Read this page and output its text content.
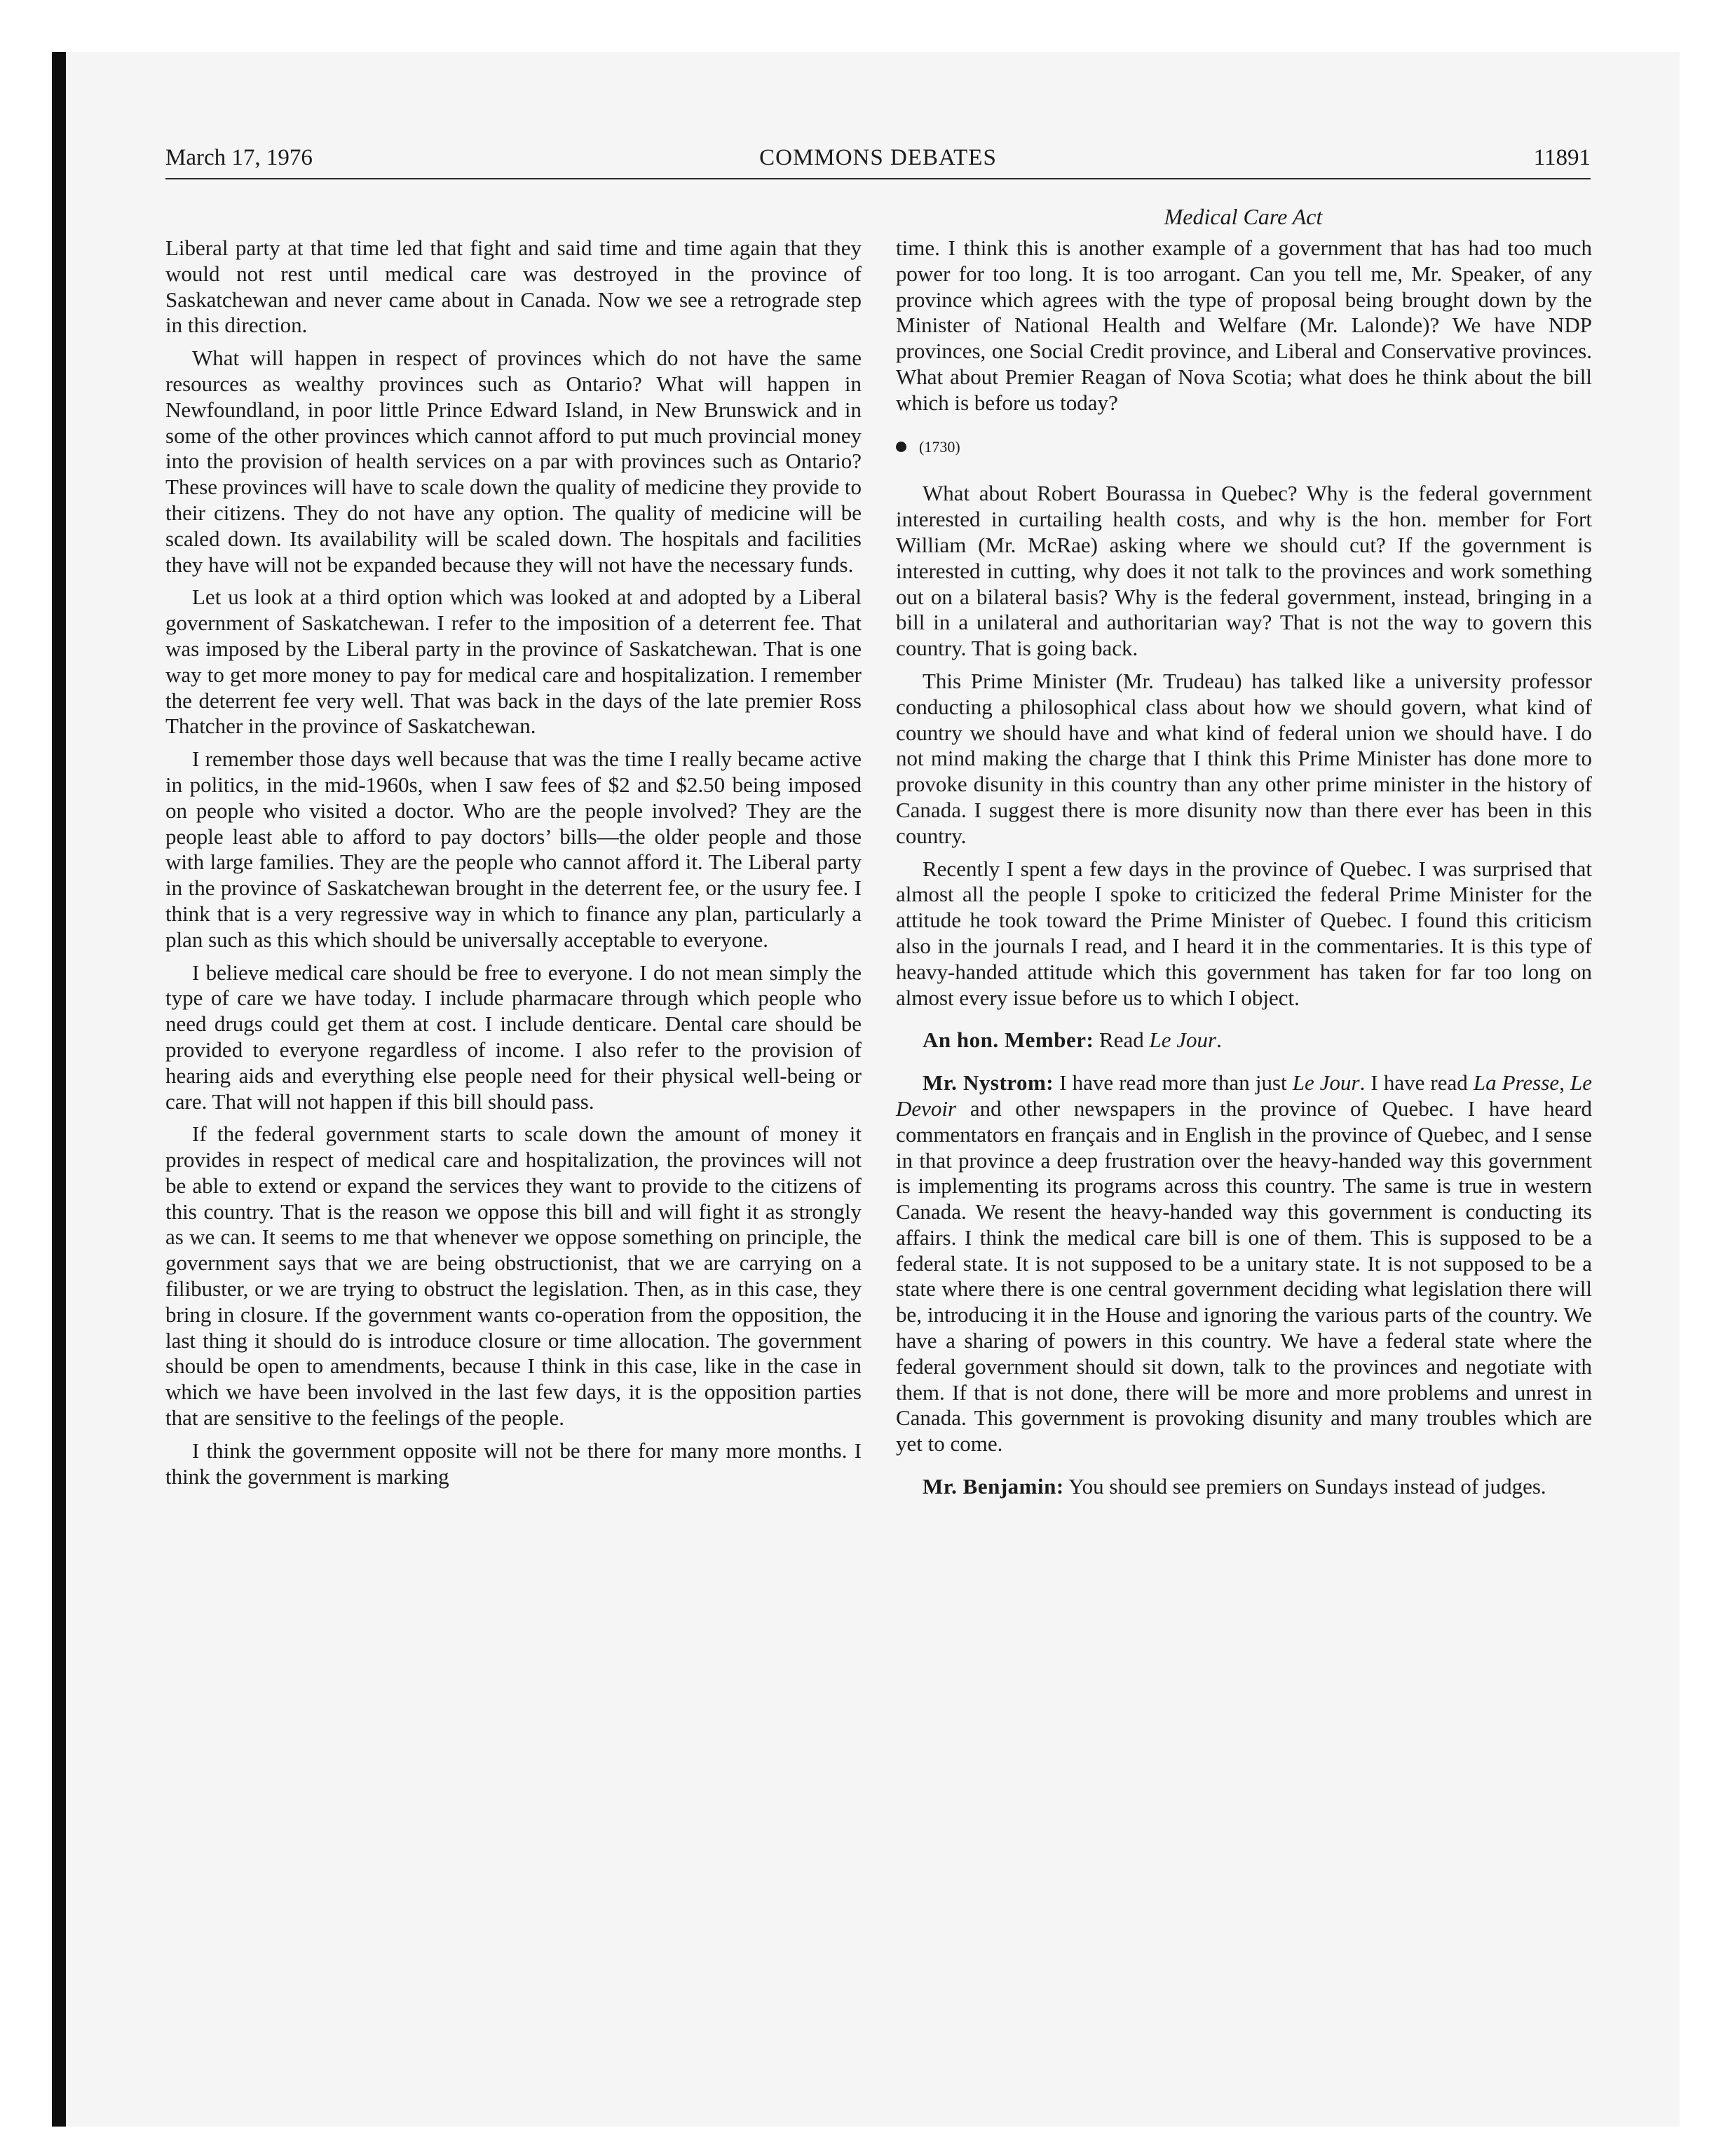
March 17, 1976	COMMONS DEBATES	11891
Medical Care Act

Liberal party at that time led that fight and said time and time again that they would not rest until medical care was destroyed in the province of Saskatchewan and never came about in Canada. Now we see a retrograde step in this direction.

What will happen in respect of provinces which do not have the same resources as wealthy provinces such as Ontario? What will happen in Newfoundland, in poor little Prince Edward Island, in New Brunswick and in some of the other provinces which cannot afford to put much provincial money into the provision of health services on a par with provinces such as Ontario? These provinces will have to scale down the quality of medicine they provide to their citizens. They do not have any option. The quality of medicine will be scaled down. Its availability will be scaled down. The hospitals and facilities they have will not be expanded because they will not have the necessary funds.

Let us look at a third option which was looked at and adopted by a Liberal government of Saskatchewan. I refer to the imposition of a deterrent fee. That was imposed by the Liberal party in the province of Saskatchewan. That is one way to get more money to pay for medical care and hospitalization. I remember the deterrent fee very well. That was back in the days of the late premier Ross Thatcher in the province of Saskatchewan.

I remember those days well because that was the time I really became active in politics, in the mid-1960s, when I saw fees of $2 and $2.50 being imposed on people who visited a doctor. Who are the people involved? They are the people least able to afford to pay doctors’ bills—the older people and those with large families. They are the people who cannot afford it. The Liberal party in the province of Saskatchewan brought in the deterrent fee, or the usury fee. I think that is a very regressive way in which to finance any plan, particularly a plan such as this which should be universally acceptable to everyone.

I believe medical care should be free to everyone. I do not mean simply the type of care we have today. I include pharmacare through which people who need drugs could get them at cost. I include denticare. Dental care should be provided to everyone regardless of income. I also refer to the provision of hearing aids and everything else people need for their physical well-being or care. That will not happen if this bill should pass.

If the federal government starts to scale down the amount of money it provides in respect of medical care and hospitalization, the provinces will not be able to extend or expand the services they want to provide to the citizens of this country. That is the reason we oppose this bill and will fight it as strongly as we can. It seems to me that whenever we oppose something on principle, the government says that we are being obstructionist, that we are carrying on a filibuster, or we are trying to obstruct the legislation. Then, as in this case, they bring in closure. If the government wants co-operation from the opposition, the last thing it should do is introduce closure or time allocation. The government should be open to amendments, because I think in this case, like in the case in which we have been involved in the last few days, it is the opposition parties that are sensitive to the feelings of the people.

I think the government opposite will not be there for many more months. I think the government is marking

time. I think this is another example of a government that has had too much power for too long. It is too arrogant. Can you tell me, Mr. Speaker, of any province which agrees with the type of proposal being brought down by the Minister of National Health and Welfare (Mr. Lalonde)? We have NDP provinces, one Social Credit province, and Liberal and Conservative provinces. What about Premier Reagan of Nova Scotia; what does he think about the bill which is before us today?

(1730)

What about Robert Bourassa in Quebec? Why is the federal government interested in curtailing health costs, and why is the hon. member for Fort William (Mr. McRae) asking where we should cut? If the government is interested in cutting, why does it not talk to the provinces and work something out on a bilateral basis? Why is the federal government, instead, bringing in a bill in a unilateral and authoritarian way? That is not the way to govern this country. That is going back.

This Prime Minister (Mr. Trudeau) has talked like a university professor conducting a philosophical class about how we should govern, what kind of country we should have and what kind of federal union we should have. I do not mind making the charge that I think this Prime Minister has done more to provoke disunity in this country than any other prime minister in the history of Canada. I suggest there is more disunity now than there ever has been in this country.

Recently I spent a few days in the province of Quebec. I was surprised that almost all the people I spoke to criticized the federal Prime Minister for the attitude he took toward the Prime Minister of Quebec. I found this criticism also in the journals I read, and I heard it in the commentaries. It is this type of heavy-handed attitude which this government has taken for far too long on almost every issue before us to which I object.

An hon. Member: Read Le Jour.

Mr. Nystrom: I have read more than just Le Jour. I have read La Presse, Le Devoir and other newspapers in the province of Quebec. I have heard commentators en français and in English in the province of Quebec, and I sense in that province a deep frustration over the heavy-handed way this government is implementing its programs across this country. The same is true in western Canada. We resent the heavy-handed way this government is conducting its affairs. I think the medical care bill is one of them. This is supposed to be a federal state. It is not supposed to be a unitary state. It is not supposed to be a state where there is one central government deciding what legislation there will be, introducing it in the House and ignoring the various parts of the country. We have a sharing of powers in this country. We have a federal state where the federal government should sit down, talk to the provinces and negotiate with them. If that is not done, there will be more and more problems and unrest in Canada. This government is provoking disunity and many troubles which are yet to come.

Mr. Benjamin: You should see premiers on Sundays instead of judges.
